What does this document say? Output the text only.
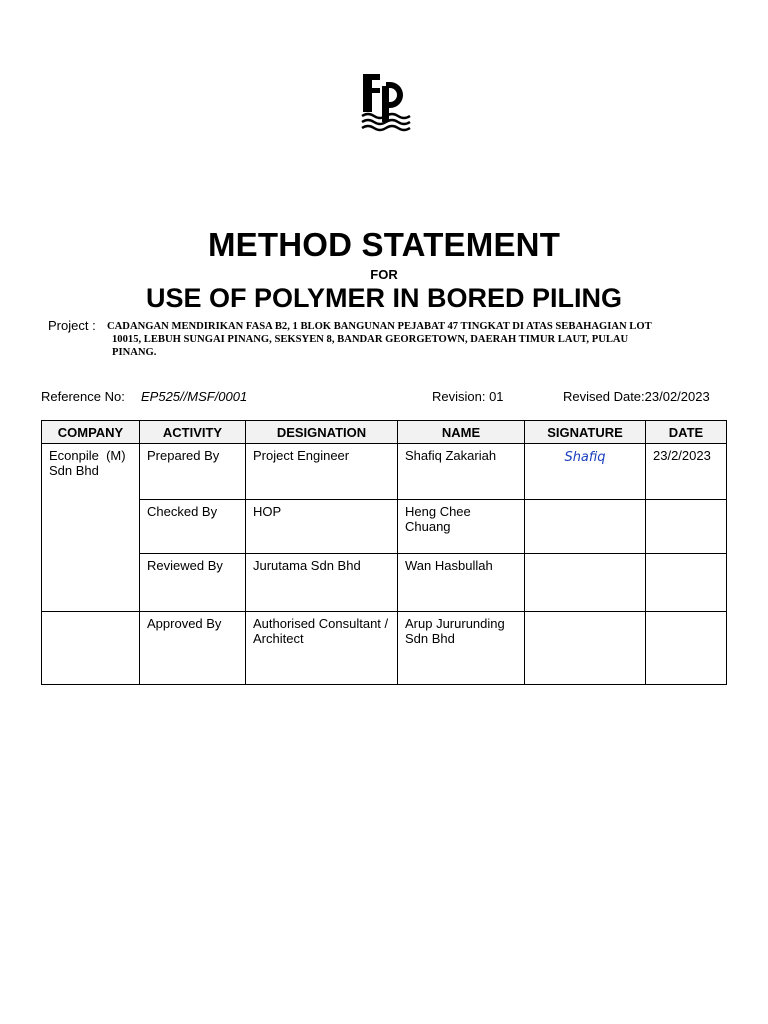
METHOD STATEMENT
FOR
USE OF POLYMER IN BORED PILING
Project : CADANGAN MENDIRIKAN FASA B2, 1 BLOK BANGUNAN PEJABAT 47 TINGKAT DI ATAS SEBAHAGIAN LOT
10015, LEBUH SUNGAI PINANG, SEKSYEN 8, BANDAR GEORGETOWN, DAERAH TIMUR LAUT, PULAU
PINANG.
Reference No: EP525//MSF/0001	Revision: 01	Revised Date:23/02/2023
COMPANY	ACTIVITY	DESIGNATION	NAME	SIGNATURE	DATE

Econpile  (M) Sdn Bhd	Prepared By	Project Engineer	Shafiq Zakariah	Shafiq	23/2/2023

	Checked By	HOP	Heng Chee Chuang		

	Reviewed By	Jurutama Sdn Bhd	Wan Hasbullah		

	Approved By	Authorised Consultant / Architect	Arup Jururunding Sdn Bhd		
